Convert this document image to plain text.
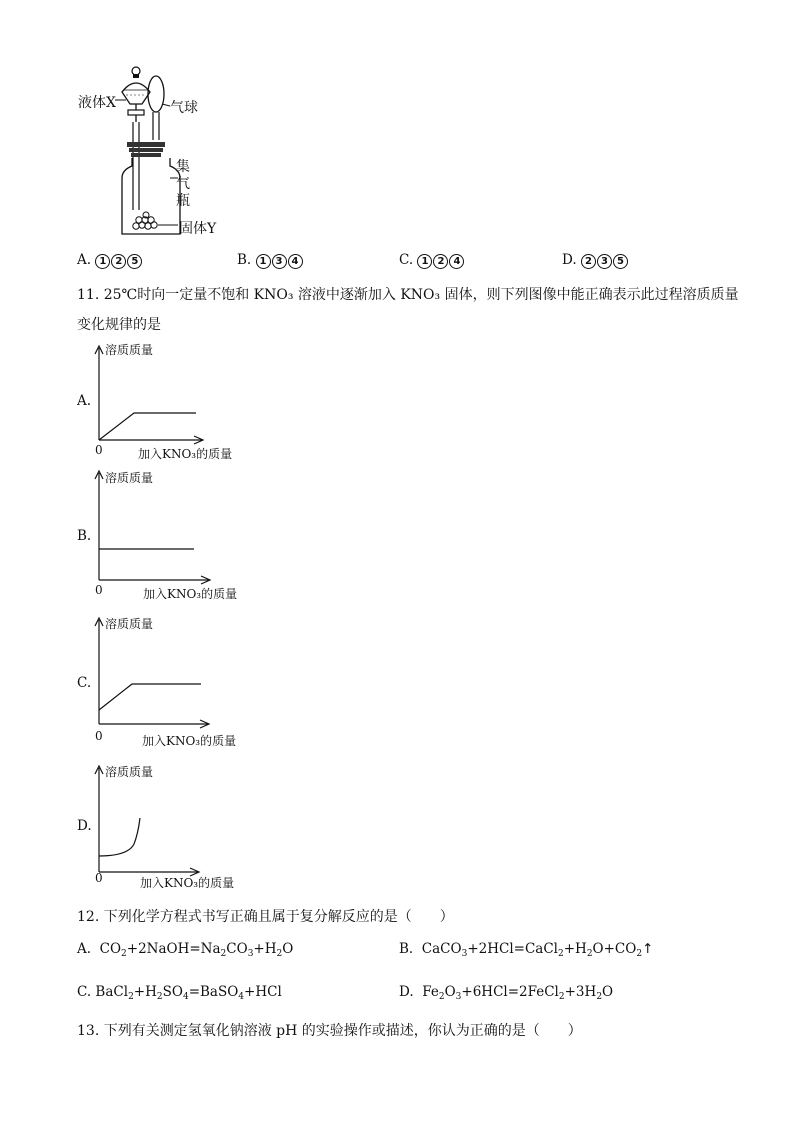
液体X	气球
集
气
瓶
固体Y
A. 1 2 5	B. 1 3 4	C. 1 2 4	D. 2 3 5
11. 25℃时向一定量不饱和 KNO₃ 溶液中逐渐加入 KNO₃ 固体，则下列图像中能正确表示此过程溶质质量
变化规律的是
A.
溶质质量
0	加入KNO₃的质量
B.
溶质质量
0	加入KNO₃的质量
C.
溶质质量
0	加入KNO₃的质量
D.
溶质质量
0	加入KNO₃的质量
12. 下列化学方程式书写正确且属于复分解反应的是（　　）
A.  $CO_2+2NaOH=Na_2CO_3+H_2O$	B.  $CaCO_3+2HCl=CaCl_2+H_2O+CO_2↑$
C. $BaCl_2+H_2SO_4=BaSO_4+HCl$	D.  $Fe_2O_3+6HCl=2FeCl_2+3H_2O$
13. 下列有关测定氢氧化钠溶液 pH 的实验操作或描述，你认为正确的是（　　）
